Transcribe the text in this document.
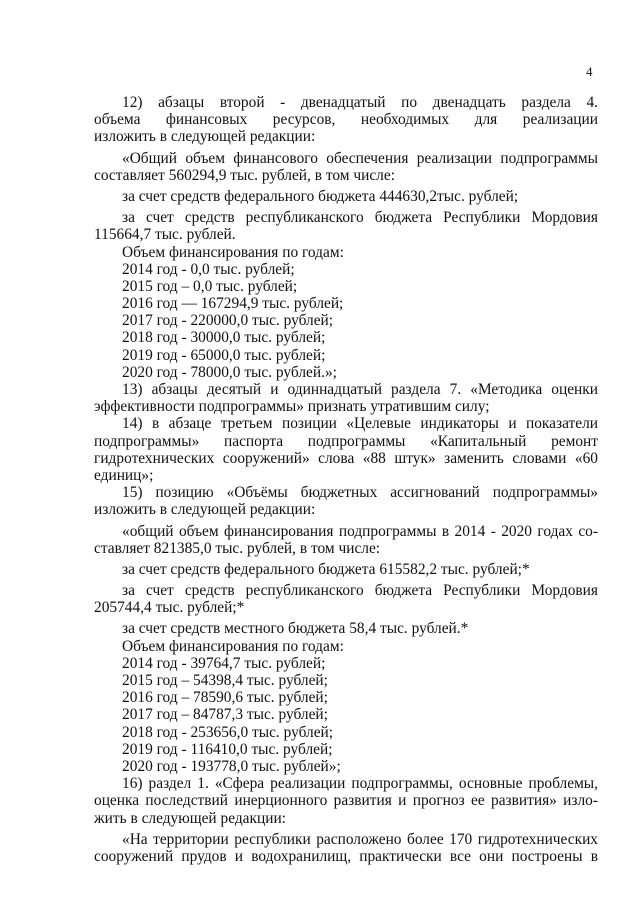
4
12) абзацы второй - двенадцатый по двенадцать раздела 4.
объема финансовых ресурсов, необходимых для реализации
изложить в следующей редакции:
«Общий объем финансового обеспечения реализации подпрограммы
составляет 560294,9 тыс. рублей, в том числе:
за счет средств федерального бюджета 444630,2тыс. рублей;
за счет средств республиканского бюджета Республики Мордовия
115664,7 тыс. рублей.
Объем финансирования по годам:
2014 год - 0,0 тыс. рублей;
2015 год – 0,0 тыс. рублей;
2016 год — 167294,9 тыс. рублей;
2017 год - 220000,0 тыс. рублей;
2018 год - 30000,0 тыс. рублей;
2019 год - 65000,0 тыс. рублей;
2020 год - 78000,0 тыс. рублей.»;
13) абзацы десятый и одиннадцатый раздела 7. «Методика оценки
эффективности подпрограммы» признать утратившим силу;
14) в абзаце третьем позиции «Целевые индикаторы и показатели
подпрограммы» паспорта подпрограммы «Капитальный ремонт
гидротехнических сооружений» слова «88 штук» заменить словами «60
единиц»;
15) позицию «Объёмы бюджетных ассигнований подпрограммы»
изложить в следующей редакции:
«общий объем финансирования подпрограммы в 2014 - 2020 годах со-
ставляет 821385,0 тыс. рублей, в том числе:
за счет средств федерального бюджета 615582,2 тыс. рублей;*
за счет средств республиканского бюджета Республики Мордовия
205744,4 тыс. рублей;*
за счет средств местного бюджета 58,4 тыс. рублей.*
Объем финансирования по годам:
2014 год - 39764,7 тыс. рублей;
2015 год – 54398,4 тыс. рублей;
2016 год – 78590,6 тыс. рублей;
2017 год – 84787,3 тыс. рублей;
2018 год - 253656,0 тыс. рублей;
2019 год - 116410,0 тыс. рублей;
2020 год - 193778,0 тыс. рублей»;
16) раздел 1. «Сфера реализации подпрограммы, основные проблемы,
оценка последствий инерционного развития и прогноз ее развития» изло-
жить в следующей редакции:
«На территории республики расположено более 170 гидротехнических
сооружений прудов и водохранилищ, практически все они построены в
